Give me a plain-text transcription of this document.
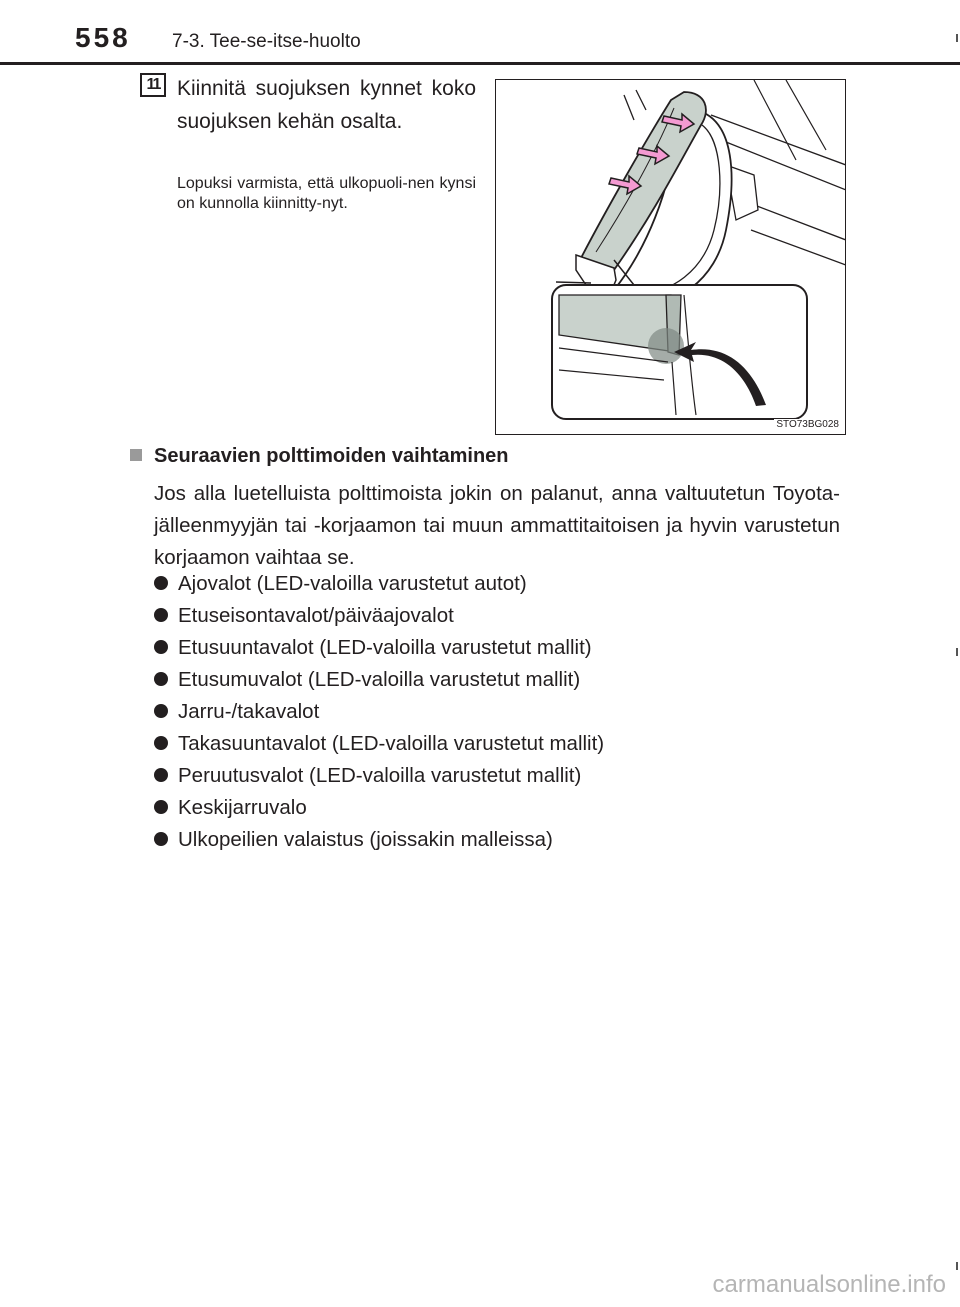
558 7-3. Tee-se-itse-huolto
11 Kiinnitä suojuksen kynnet koko suojuksen kehän osalta.

Lopuksi varmista, että ulkopuoli-nen kynsi on kunnolla kiinnitty-nyt.

STO73BG028
Seuraavien polttimoiden vaihtaminen

Jos alla luetelluista polttimoista jokin on palanut, anna valtuutetun Toyota-jälleenmyyjän tai -korjaamon tai muun ammattitaitoisen ja hyvin varustetun korjaamon vaihtaa se.

Ajovalot (LED-valoilla varustetut autot)
Etuseisontavalot/päiväajovalot
Etusuuntavalot (LED-valoilla varustetut mallit)
Etusumuvalot (LED-valoilla varustetut mallit)
Jarru-/takavalot
Takasuuntavalot (LED-valoilla varustetut mallit)
Peruutusvalot (LED-valoilla varustetut mallit)
Keskijarruvalo
Ulkopeilien valaistus (joissakin malleissa)
carmanualsonline.info
